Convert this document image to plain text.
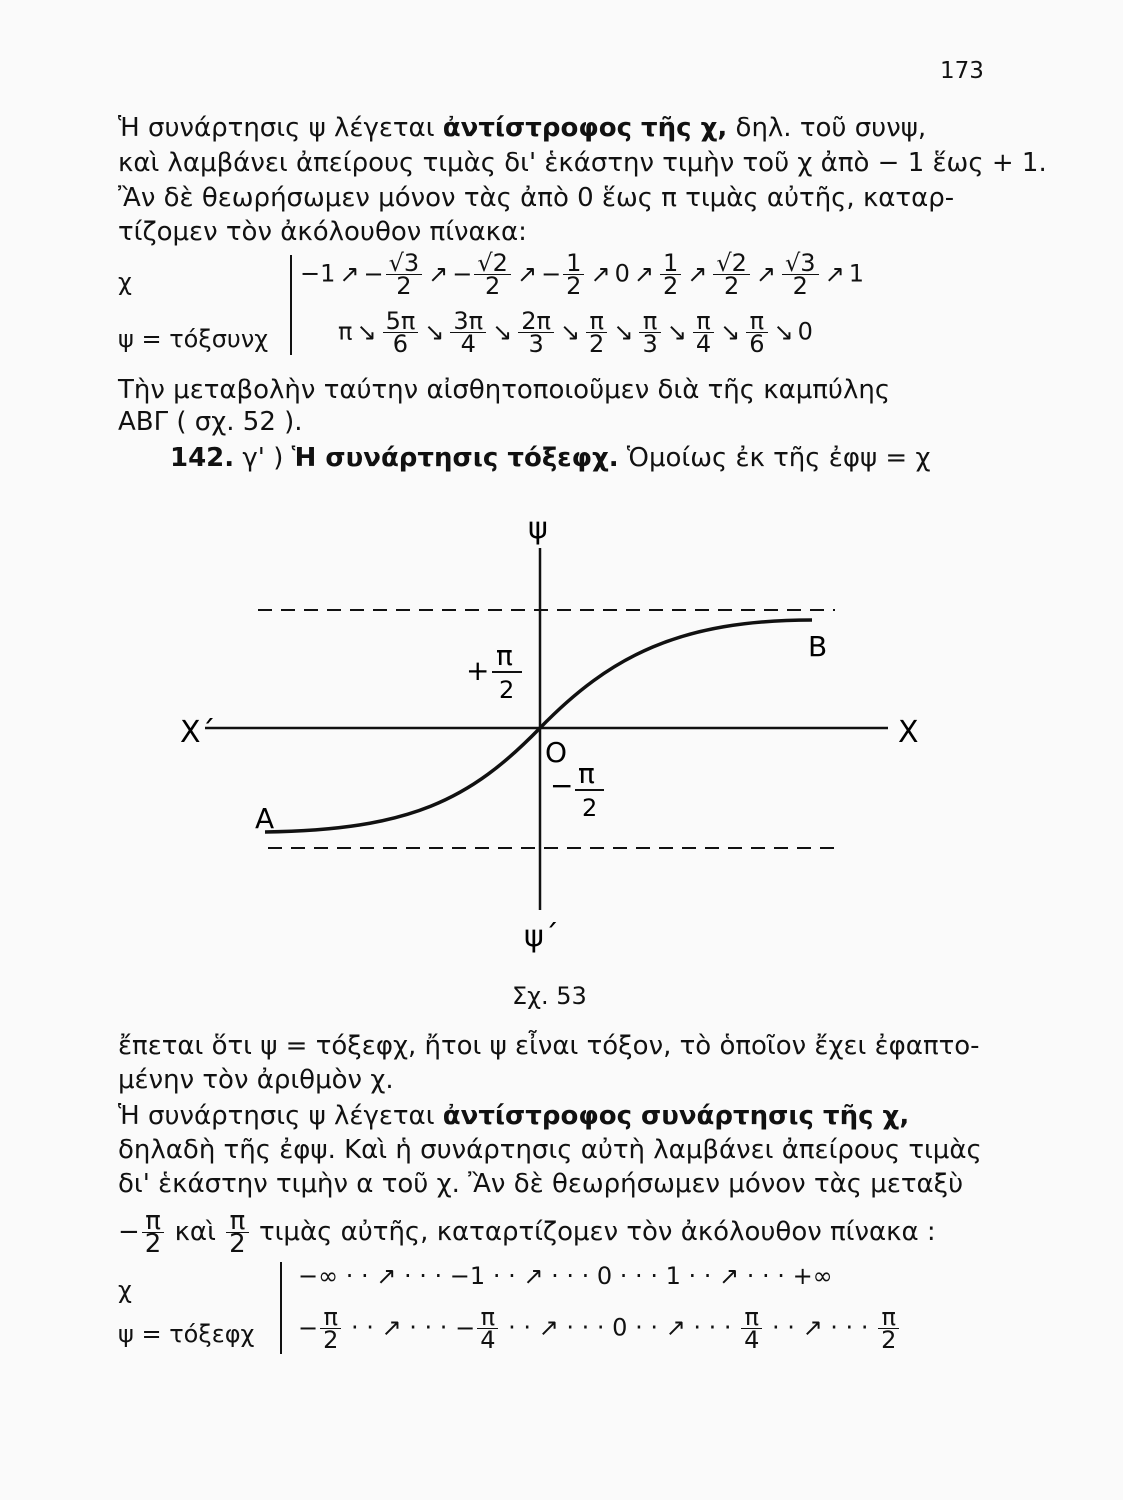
173
Ἡ συνάρτησις ψ λέγεται ἀντίστροφος τῆς χ, δηλ. τοῦ συνψ,
καὶ λαμβάνει ἀπείρους τιμὰς δι' ἑκάστην τιμὴν τοῦ χ ἀπὸ − 1 ἕως + 1.
Ἂν δὲ θεωρήσωμεν μόνον τὰς ἀπὸ 0 ἕως π τιμὰς αὐτῆς, καταρ-
τίζομεν τὸν ἀκόλουθον πίνακα:
χ
ψ = τόξσυνχ
−1 ↗ − $\frac{√3}{2}$ ↗ − $\frac{√2}{2}$ ↗ − $\frac{1}{2}$ ↗ 0 ↗ $\frac{1}{2}$ ↗ $\frac{√2}{2}$ ↗ $\frac{√3}{2}$ ↗ 1
π ↘ $\frac{5\pi}{6}$ ↘ $\frac{3\pi}{4}$ ↘ $\frac{2\pi}{3}$ ↘ $\frac{\pi}{2}$ ↘ $\frac{\pi}{3}$ ↘ $\frac{\pi}{4}$ ↘ $\frac{\pi}{6}$ ↘ 0
Τὴν μεταβολὴν ταύτην αἰσθητοποιοῦμεν διὰ τῆς καμπύλης
ΑΒΓ ( σχ. 52 ).
142. γ' ) Ἡ συνάρτησις τόξεφχ. Ὁμοίως ἐκ τῆς ἐφψ = χ
ψ
ψ´
Χ
Χ´
Ο
Α
Β
+ π
2
− π
2
Σχ. 53
ἔπεται ὅτι ψ = τόξεφχ, ἤτοι ψ εἶναι τόξον, τὸ ὁποῖον ἔχει ἐφαπτο-
μένην τὸν ἀριθμὸν χ.
Ἡ συνάρτησις ψ λέγεται ἀντίστροφος συνάρτησις τῆς χ,
δηλαδὴ τῆς ἐφψ. Καὶ ἡ συνάρτησις αὐτὴ λαμβάνει ἀπείρους τιμὰς
δι' ἑκάστην τιμὴν α τοῦ χ. Ἂν δὲ θεωρήσωμεν μόνον τὰς μεταξὺ
− $\frac{\pi}{2}$ καὶ $\frac{\pi}{2}$ τιμὰς αὐτῆς, καταρτίζομεν τὸν ἀκόλουθον πίνακα :
χ
ψ = τόξεφχ
−∞ · · ↗ · · · −1 · · ↗ · · · 0 · · · 1 · · ↗ · · · +∞
− $\frac{\pi}{2}$ · · ↗ · · · − $\frac{\pi}{4}$ · · ↗ · · · 0 · · ↗ · · · $\frac{\pi}{4}$ · · ↗ · · · $\frac{\pi}{2}$
